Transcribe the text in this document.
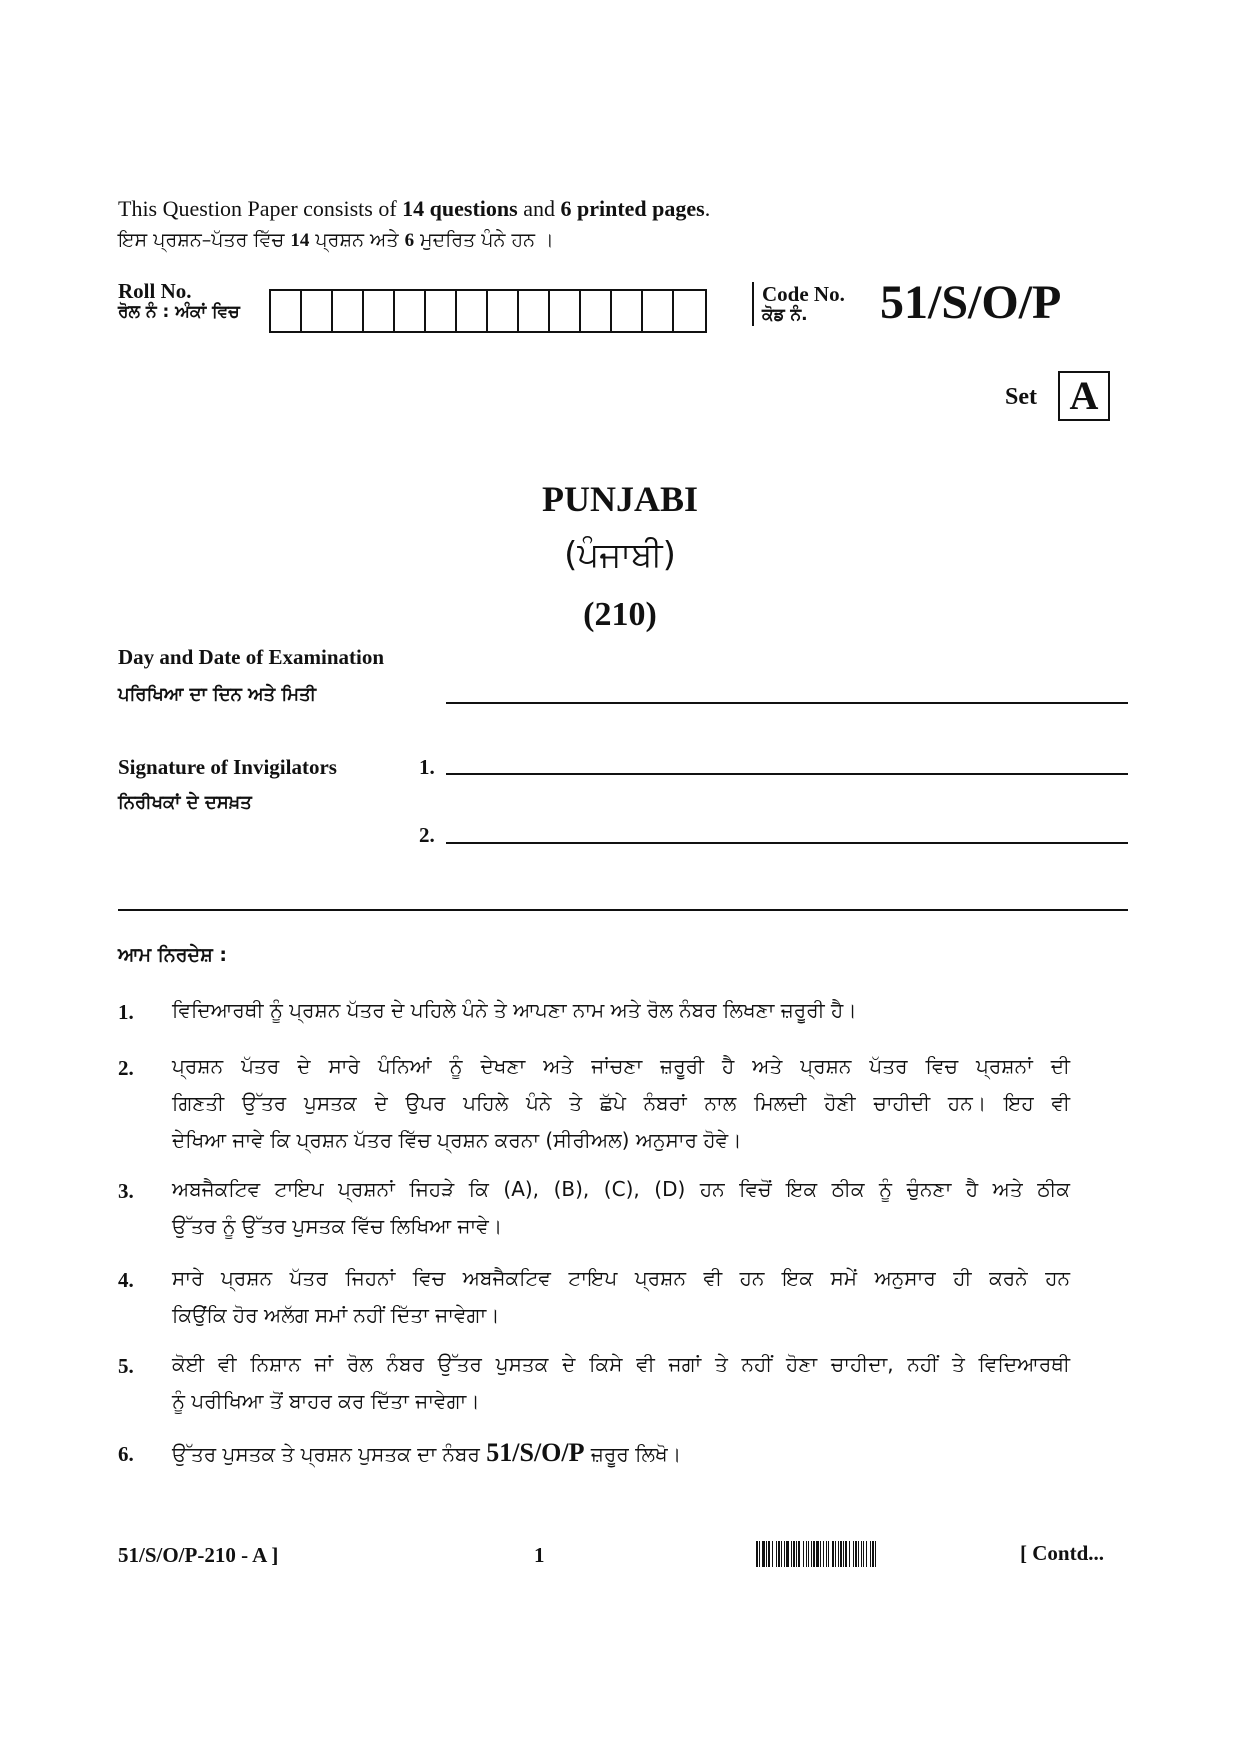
This Question Paper consists of 14 questions and 6 printed pages.
ਇਸ ਪ੍ਰਸ਼ਨ–ਪੱਤਰ ਵਿੱਚ 14 ਪ੍ਰਸ਼ਨ ਅਤੇ 6 ਮੁਦਰਿਤ ਪੰਨੇ ਹਨ ।
Roll No.
ਰੋਲ ਨੰ : ਅੰਕਾਂ ਵਿਚ
Code No.
ਕੋਡ ਨੰ.	51/S/O/P
Set A
PUNJABI
(ਪੰਜਾਬੀ)
(210)
Day and Date of Examination
ਪਰਿਖਿਆ ਦਾ ਦਿਨ ਅਤੇ ਮਿਤੀ
Signature of Invigilators
ਨਿਰੀਖਕਾਂ ਦੇ ਦਸਖ਼ਤ
1.
2.
ਆਮ ਨਿਰਦੇਸ਼ :
1. ਵਿਦਿਆਰਥੀ ਨੂੰ ਪ੍ਰਸ਼ਨ ਪੱਤਰ ਦੇ ਪਹਿਲੇ ਪੰਨੇ ਤੇ ਆਪਣਾ ਨਾਮ ਅਤੇ ਰੋਲ ਨੰਬਰ ਲਿਖਣਾ ਜ਼ਰੂਰੀ ਹੈ।
2. ਪ੍ਰਸ਼ਨ ਪੱਤਰ ਦੇ ਸਾਰੇ ਪੰਨਿਆਂ ਨੂੰ ਦੇਖਣਾ ਅਤੇ ਜਾਂਚਣਾ ਜ਼ਰੂਰੀ ਹੈ ਅਤੇ ਪ੍ਰਸ਼ਨ ਪੱਤਰ ਵਿਚ ਪ੍ਰਸ਼ਨਾਂ ਦੀ
ਗਿਣਤੀ ਉੱਤਰ ਪੁਸਤਕ ਦੇ ਉਪਰ ਪਹਿਲੇ ਪੰਨੇ ਤੇ ਛੱਪੇ ਨੰਬਰਾਂ ਨਾਲ ਮਿਲਦੀ ਹੋਣੀ ਚਾਹੀਦੀ ਹਨ। ਇਹ ਵੀ
ਦੇਖਿਆ ਜਾਵੇ ਕਿ ਪ੍ਰਸ਼ਨ ਪੱਤਰ ਵਿੱਚ ਪ੍ਰਸ਼ਨ ਕਰਨਾ (ਸੀਰੀਅਲ) ਅਨੁਸਾਰ ਹੋਵੇ।
3. ਅਬਜੈਕਟਿਵ ਟਾਇਪ ਪ੍ਰਸ਼ਨਾਂ ਜਿਹੜੇ ਕਿ (A), (B), (C), (D) ਹਨ ਵਿਚੋਂ ਇਕ ਠੀਕ ਨੂੰ ਚੁੰਨਣਾ ਹੈ ਅਤੇ ਠੀਕ
ਉੱਤਰ ਨੂੰ ਉੱਤਰ ਪੁਸਤਕ ਵਿੱਚ ਲਿਖਿਆ ਜਾਵੇ।
4. ਸਾਰੇ ਪ੍ਰਸ਼ਨ ਪੱਤਰ ਜਿਹਨਾਂ ਵਿਚ ਅਬਜੈਕਟਿਵ ਟਾਇਪ ਪ੍ਰਸ਼ਨ ਵੀ ਹਨ ਇਕ ਸਮੇਂ ਅਨੁਸਾਰ ਹੀ ਕਰਨੇ ਹਨ
ਕਿਉਂਕਿ ਹੋਰ ਅਲੱਗ ਸਮਾਂ ਨਹੀਂ ਦਿੱਤਾ ਜਾਵੇਗਾ।
5. ਕੋਈ ਵੀ ਨਿਸ਼ਾਨ ਜਾਂ ਰੋਲ ਨੰਬਰ ਉੱਤਰ ਪੁਸਤਕ ਦੇ ਕਿਸੇ ਵੀ ਜਗਾਂ ਤੇ ਨਹੀਂ ਹੋਣਾ ਚਾਹੀਦਾ, ਨਹੀਂ ਤੇ ਵਿਦਿਆਰਥੀ
ਨੂੰ ਪਰੀਖਿਆ ਤੋਂ ਬਾਹਰ ਕਰ ਦਿੱਤਾ ਜਾਵੇਗਾ।
6. ਉੱਤਰ ਪੁਸਤਕ ਤੇ ਪ੍ਰਸ਼ਨ ਪੁਸਤਕ ਦਾ ਨੰਬਰ 51/S/O/P ਜ਼ਰੂਰ ਲਿਖੋ।
51/S/O/P-210 - A ]	1	[ Contd...
